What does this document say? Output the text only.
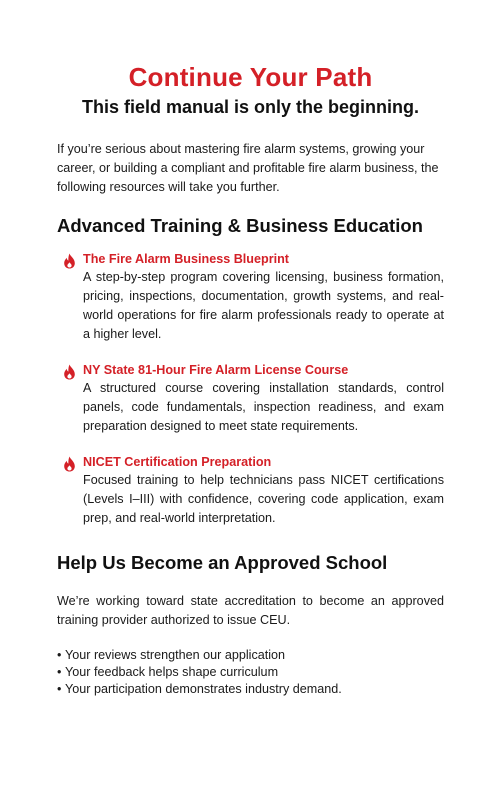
Continue Your Path
This field manual is only the beginning.

If you’re serious about mastering fire alarm systems, growing your career, or building a compliant and profitable fire alarm business, the following resources will take you further.

Advanced Training & Business Education
The Fire Alarm Business Blueprint
A step-by-step program covering licensing, business formation, pricing, inspections, documentation, growth systems, and real-world operations for fire alarm professionals ready to operate at a higher level.
NY State 81-Hour Fire Alarm License Course
A structured course covering installation standards, control panels, code fundamentals, inspection readiness, and exam preparation designed to meet state requirements.
NICET Certification Preparation
Focused training to help technicians pass NICET certifications (Levels I–III) with confidence, covering code application, exam prep, and real-world interpretation.
Help Us Become an Approved School

We’re working toward state accreditation to become an approved training provider authorized to issue CEU.

• Your reviews strengthen our application
• Your feedback helps shape curriculum
• Your participation demonstrates industry demand.
